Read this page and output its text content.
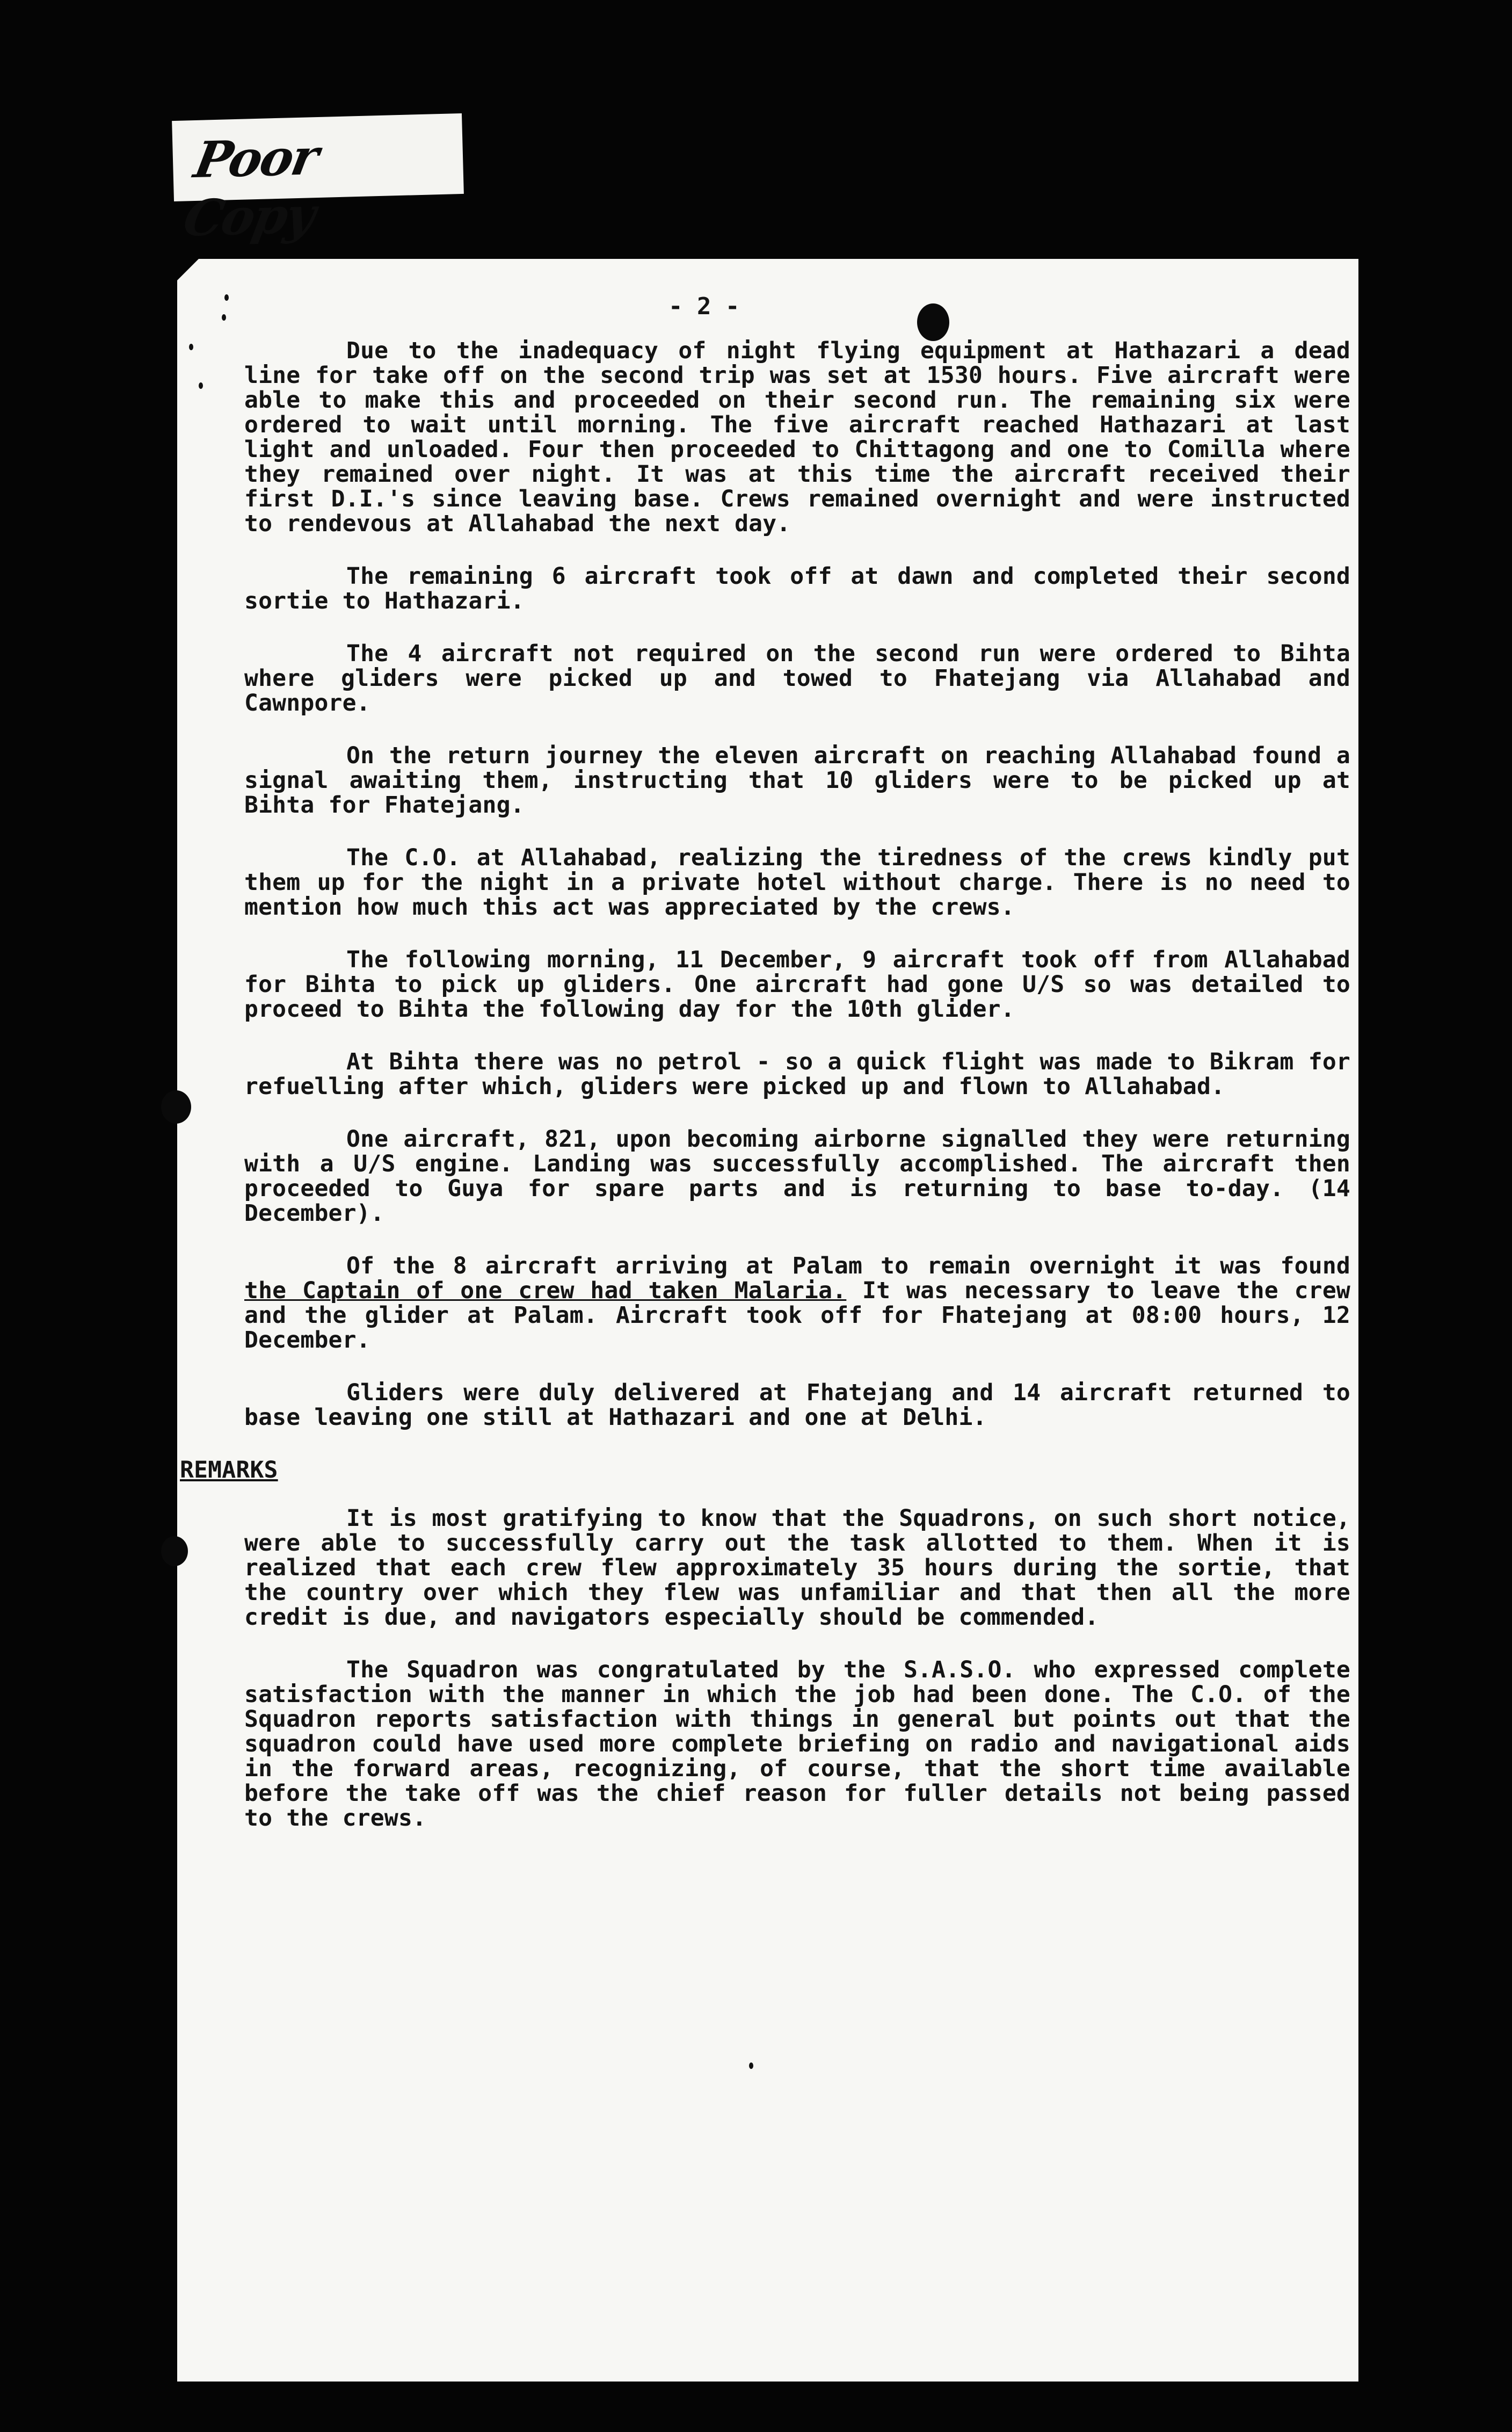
Poor Copy
- 2 -

Due to the inadequacy of night flying equipment at Hathazari a dead line for take off on the second trip was set at 1530 hours. Five aircraft were able to make this and proceeded on their second run. The remaining six were ordered to wait until morning. The five aircraft reached Hathazari at last light and unloaded. Four then proceeded to Chittagong and one to Comilla where they remained over night. It was at this time the aircraft received their first D.I.'s since leaving base. Crews remained overnight and were instructed to rendevous at Allahabad the next day.

The remaining 6 aircraft took off at dawn and completed their second sortie to Hathazari.

The 4 aircraft not required on the second run were ordered to Bihta where gliders were picked up and towed to Fhatejang via Allahabad and Cawnpore.

On the return journey the eleven aircraft on reaching Allahabad found a signal awaiting them, instructing that 10 gliders were to be picked up at Bihta for Fhatejang.

The C.O. at Allahabad, realizing the tiredness of the crews kindly put them up for the night in a private hotel without charge. There is no need to mention how much this act was appreciated by the crews.

The following morning, 11 December, 9 aircraft took off from Allahabad for Bihta to pick up gliders. One aircraft had gone U/S so was detailed to proceed to Bihta the following day for the 10th glider.

At Bihta there was no petrol - so a quick flight was made to Bikram for refuelling after which, gliders were picked up and flown to Allahabad.

One aircraft, 821, upon becoming airborne signalled they were returning with a U/S engine. Landing was successfully accomplished. The aircraft then proceeded to Guya for spare parts and is returning to base to-day. (14 December).

Of the 8 aircraft arriving at Palam to remain overnight it was found the Captain of one crew had taken Malaria. It was necessary to leave the crew and the glider at Palam. Aircraft took off for Fhatejang at 08:00 hours, 12 December.

Gliders were duly delivered at Fhatejang and 14 aircraft returned to base leaving one still at Hathazari and one at Delhi.

REMARKS

It is most gratifying to know that the Squadrons, on such short notice, were able to successfully carry out the task allotted to them. When it is realized that each crew flew approximately 35 hours during the sortie, that the country over which they flew was unfamiliar and that then all the more credit is due, and navigators especially should be commended.

The Squadron was congratulated by the S.A.S.O. who expressed complete satisfaction with the manner in which the job had been done. The C.O. of the Squadron reports satisfaction with things in general but points out that the squadron could have used more complete briefing on radio and navigational aids in the forward areas, recognizing, of course, that the short time available before the take off was the chief reason for fuller details not being passed to the crews.
